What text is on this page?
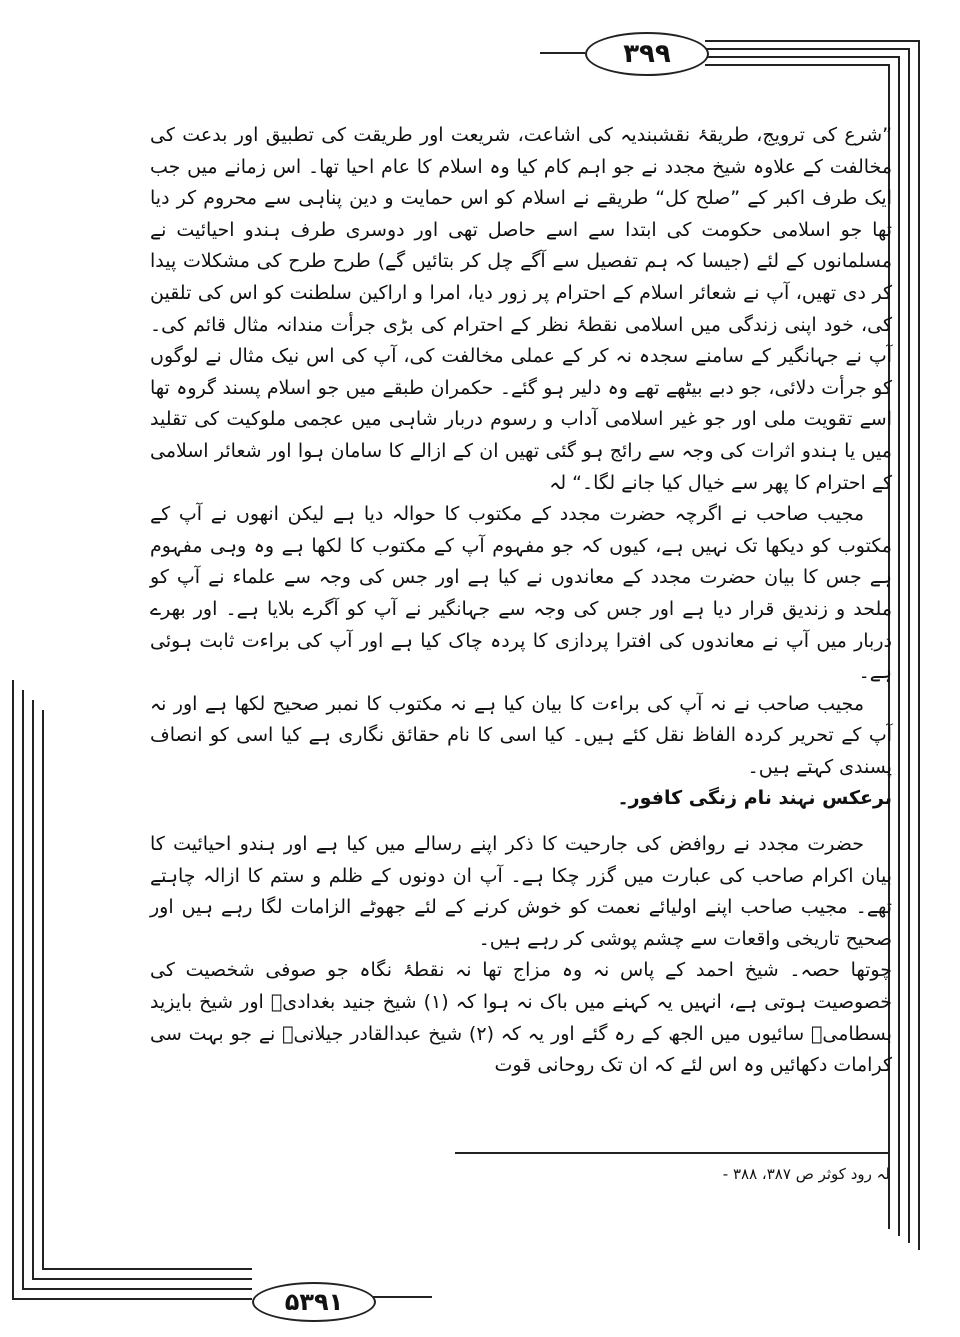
۳۹۹

”شرع کی ترویج، طریقۂ نقشبندیہ کی اشاعت، شریعت اور طریقت کی تطبیق اور بدعت کی مخالفت کے علاوہ شیخ مجدد نے جو اہم کام کیا وہ اسلام کا عام احیا تھا۔ اس زمانے میں جب ایک طرف اکبر کے ”صلح کل“ طریقے نے اسلام کو اس حمایت و دین پناہی سے محروم کر دیا تھا جو اسلامی حکومت کی ابتدا سے اسے حاصل تھی اور دوسری طرف ہندو احیائیت نے مسلمانوں کے لئے (جیسا کہ ہم تفصیل سے آگے چل کر بتائیں گے) طرح طرح کی مشکلات پیدا کر دی تھیں، آپ نے شعائر اسلام کے احترام پر زور دیا، امرا و اراکین سلطنت کو اس کی تلقین کی، خود اپنی زندگی میں اسلامی نقطۂ نظر کے احترام کی بڑی جرأت مندانہ مثال قائم کی۔ آپ نے جہانگیر کے سامنے سجدہ نہ کر کے عملی مخالفت کی، آپ کی اس نیک مثال نے لوگوں کو جرأت دلائی، جو دبے بیٹھے تھے وہ دلیر ہو گئے۔ حکمران طبقے میں جو اسلام پسند گروہ تھا اسے تقویت ملی اور جو غیر اسلامی آداب و رسوم دربار شاہی میں عجمی ملوکیت کی تقلید میں یا ہندو اثرات کی وجہ سے رائج ہو گئی تھیں ان کے ازالے کا سامان ہوا اور شعائر اسلامی کے احترام کا پھر سے خیال کیا جانے لگا۔“ لہ

مجیب صاحب نے اگرچہ حضرت مجدد کے مکتوب کا حوالہ دیا ہے لیکن انھوں نے آپ کے مکتوب کو دیکھا تک نہیں ہے، کیوں کہ جو مفہوم آپ کے مکتوب کا لکھا ہے وہ وہی مفہوم ہے جس کا بیان حضرت مجدد کے معاندوں نے کیا ہے اور جس کی وجہ سے علماء نے آپ کو ملحد و زندیق قرار دیا ہے اور جس کی وجہ سے جہانگیر نے آپ کو آگرے بلایا ہے۔ اور بھرے دربار میں آپ نے معاندوں کی افترا پردازی کا پردہ چاک کیا ہے اور آپ کی براءت ثابت ہوئی ہے۔

مجیب صاحب نے نہ آپ کی براءت کا بیان کیا ہے نہ مکتوب کا نمبر صحیح لکھا ہے اور نہ آپ کے تحریر کردہ الفاظ نقل کئے ہیں۔ کیا اسی کا نام حقائق نگاری ہے کیا اسی کو انصاف پسندی کہتے ہیں۔

برعکس نہند نام زنگی کافور۔

حضرت مجدد نے روافض کی جارحیت کا ذکر اپنے رسالے میں کیا ہے اور ہندو احیائیت کا بیان اکرام صاحب کی عبارت میں گزر چکا ہے۔ آپ ان دونوں کے ظلم و ستم کا ازالہ چاہتے تھے۔ مجیب صاحب اپنے اولیائے نعمت کو خوش کرنے کے لئے جھوٹے الزامات لگا رہے ہیں اور صحیح تاریخی واقعات سے چشم پوشی کر رہے ہیں۔

چوتھا حصہ۔ شیخ احمد کے پاس نہ وہ مزاج تھا نہ نقطۂ نگاہ جو صوفی شخصیت کی خصوصیت ہوتی ہے، انہیں یہ کہنے میں باک نہ ہوا کہ (۱) شیخ جنید بغدادیؒ اور شیخ بایزید بسطامیؒ سائیوں میں الجھ کے رہ گئے اور یہ کہ (۲) شیخ عبدالقادر جیلانیؒ نے جو بہت سی کرامات دکھائیں وہ اس لئے کہ ان تک روحانی قوت

لہ رود کوثر ص ۳۸۷، ۳۸۸ -
۵۳۹۱
